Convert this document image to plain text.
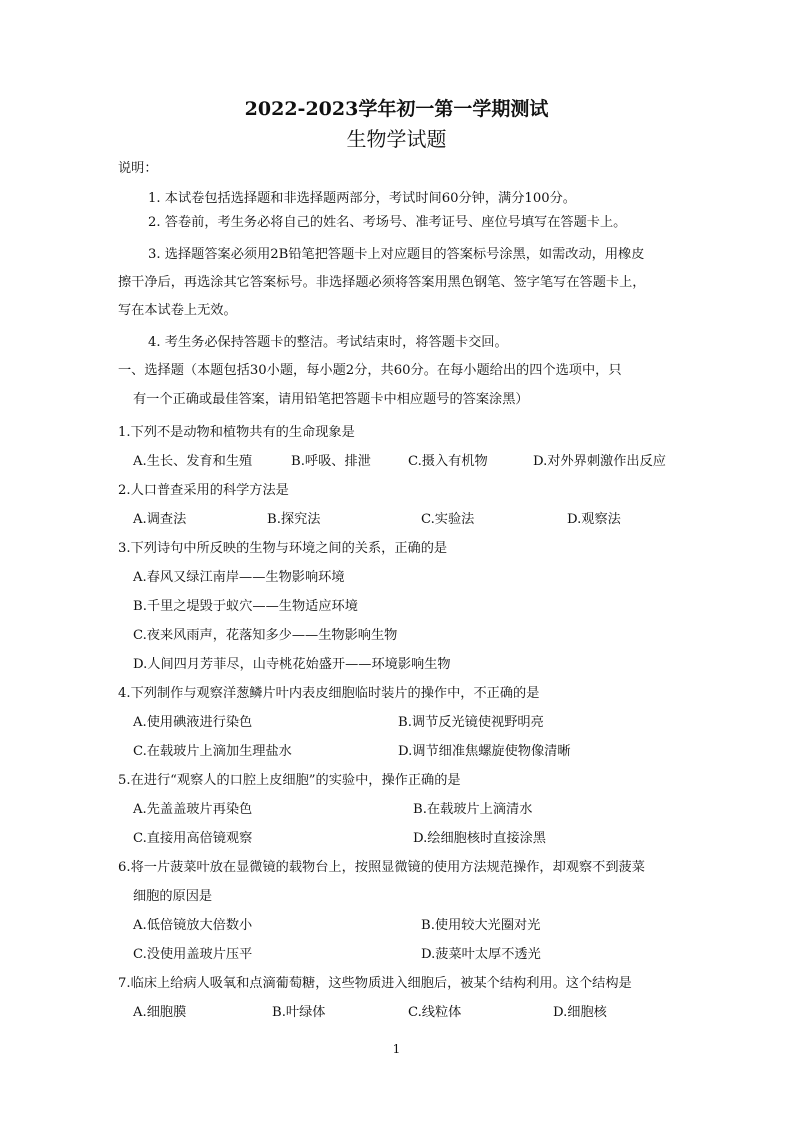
2022-2023学年初一第一学期测试
生物学试题
说明：
1. 本试卷包括选择题和非选择题两部分，考试时间60分钟，满分100分。
2. 答卷前，考生务必将自己的姓名、考场号、准考证号、座位号填写在答题卡上。
3. 选择题答案必须用2B铅笔把答题卡上对应题目的答案标号涂黑，如需改动，用橡皮
擦干净后，再选涂其它答案标号。非选择题必须将答案用黑色钢笔、签字笔写在答题卡上，
写在本试卷上无效。
4. 考生务必保持答题卡的整洁。考试结束时，将答题卡交回。
一、选择题（本题包括30小题，每小题2分，共60分。在每小题给出的四个选项中，只
有一个正确或最佳答案，请用铅笔把答题卡中相应题号的答案涂黑）
1.下列不是动物和植物共有的生命现象是
A.生长、发育和生殖	B.呼吸、排泄	C.摄入有机物	D.对外界刺激作出反应
2.人口普查采用的科学方法是
A.调查法	B.探究法	C.实验法	D.观察法
3.下列诗句中所反映的生物与环境之间的关系，正确的是
A.春风又绿江南岸——生物影响环境
B.千里之堤毁于蚁穴——生物适应环境
C.夜来风雨声，花落知多少——生物影响生物
D.人间四月芳菲尽，山寺桃花始盛开——环境影响生物
4.下列制作与观察洋葱鳞片叶内表皮细胞临时装片的操作中，不正确的是
A.使用碘液进行染色	B.调节反光镜使视野明亮
C.在载玻片上滴加生理盐水	D.调节细准焦螺旋使物像清晰
5.在进行“观察人的口腔上皮细胞”的实验中，操作正确的是
A.先盖盖玻片再染色	B.在载玻片上滴清水
C.直接用高倍镜观察	D.绘细胞核时直接涂黑
6.将一片菠菜叶放在显微镜的载物台上，按照显微镜的使用方法规范操作，却观察不到菠菜
细胞的原因是
A.低倍镜放大倍数小	B.使用较大光圈对光
C.没使用盖玻片压平	D.菠菜叶太厚不透光
7.临床上给病人吸氧和点滴葡萄糖，这些物质进入细胞后，被某个结构利用。这个结构是
A.细胞膜	B.叶绿体	C.线粒体	D.细胞核
1
